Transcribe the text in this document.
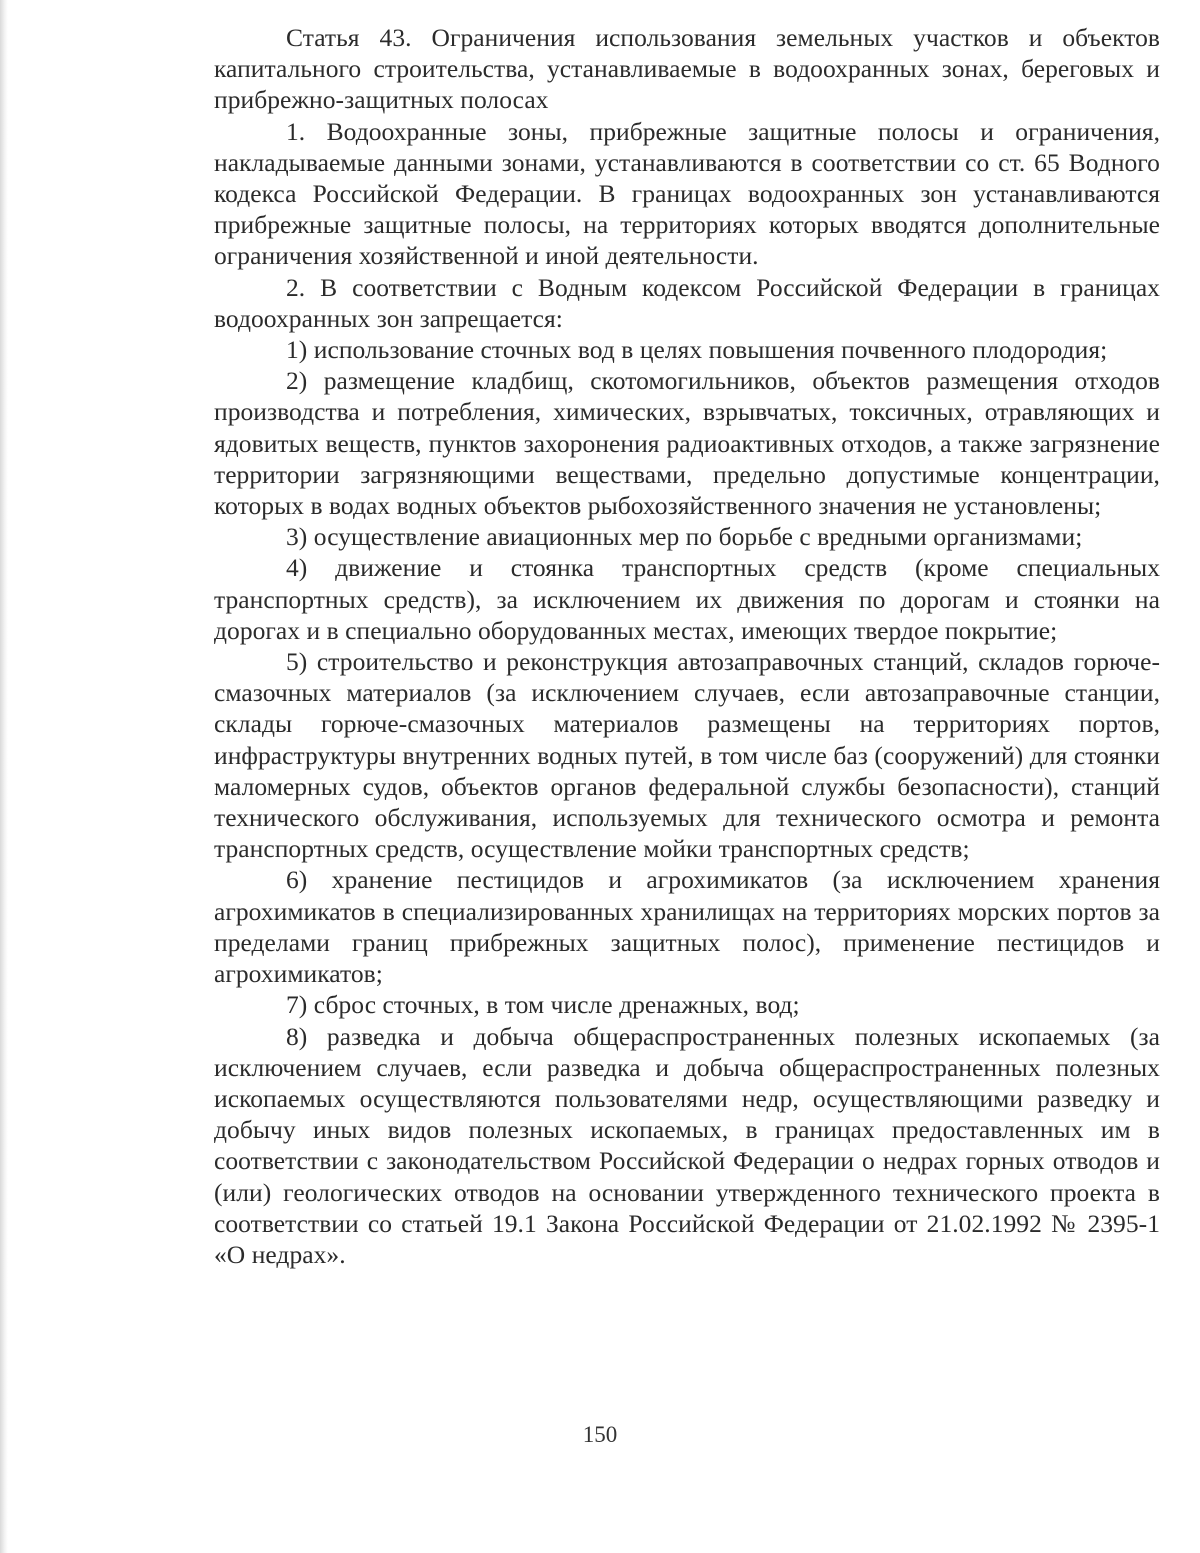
Статья 43. Ограничения использования земельных участков и объектов капитального строительства, устанавливаемые в водоохранных зонах, береговых и прибрежно-защитных полосах

1. Водоохранные зоны, прибрежные защитные полосы и ограничения, накладываемые данными зонами, устанавливаются в соответствии со ст. 65 Водного кодекса Российской Федерации. В границах водоохранных зон устанавливаются прибрежные защитные полосы, на территориях которых вводятся дополнительные ограничения хозяйственной и иной деятельности.

2. В соответствии с Водным кодексом Российской Федерации в границах водоохранных зон запрещается:

1) использование сточных вод в целях повышения почвенного плодородия;

2) размещение кладбищ, скотомогильников, объектов размещения отходов производства и потребления, химических, взрывчатых, токсичных, отравляющих и ядовитых веществ, пунктов захоронения радиоактивных отходов, а также загрязнение территории загрязняющими веществами, предельно допустимые концентрации, которых в водах водных объектов рыбохозяйственного значения не установлены;

3) осуществление авиационных мер по борьбе с вредными организмами;

4) движение и стоянка транспортных средств (кроме специальных транспортных средств), за исключением их движения по дорогам и стоянки на дорогах и в специально оборудованных местах, имеющих твердое покрытие;

5) строительство и реконструкция автозаправочных станций, складов горюче-смазочных материалов (за исключением случаев, если автозаправочные станции, склады горюче-смазочных материалов размещены на территориях портов, инфраструктуры внутренних водных путей, в том числе баз (сооружений) для стоянки маломерных судов, объектов органов федеральной службы безопасности), станций технического обслуживания, используемых для технического осмотра и ремонта транспортных средств, осуществление мойки транспортных средств;

6) хранение пестицидов и агрохимикатов (за исключением хранения агрохимикатов в специализированных хранилищах на территориях морских портов за пределами границ прибрежных защитных полос), применение пестицидов и агрохимикатов;

7) сброс сточных, в том числе дренажных, вод;

8) разведка и добыча общераспространенных полезных ископаемых (за исключением случаев, если разведка и добыча общераспространенных полезных ископаемых осуществляются пользователями недр, осуществляющими разведку и добычу иных видов полезных ископаемых, в границах предоставленных им в соответствии с законодательством Российской Федерации о недрах горных отводов и (или) геологических отводов на основании утвержденного технического проекта в соответствии со статьей 19.1 Закона Российской Федерации от 21.02.1992 № 2395-1 «О недрах».

150
